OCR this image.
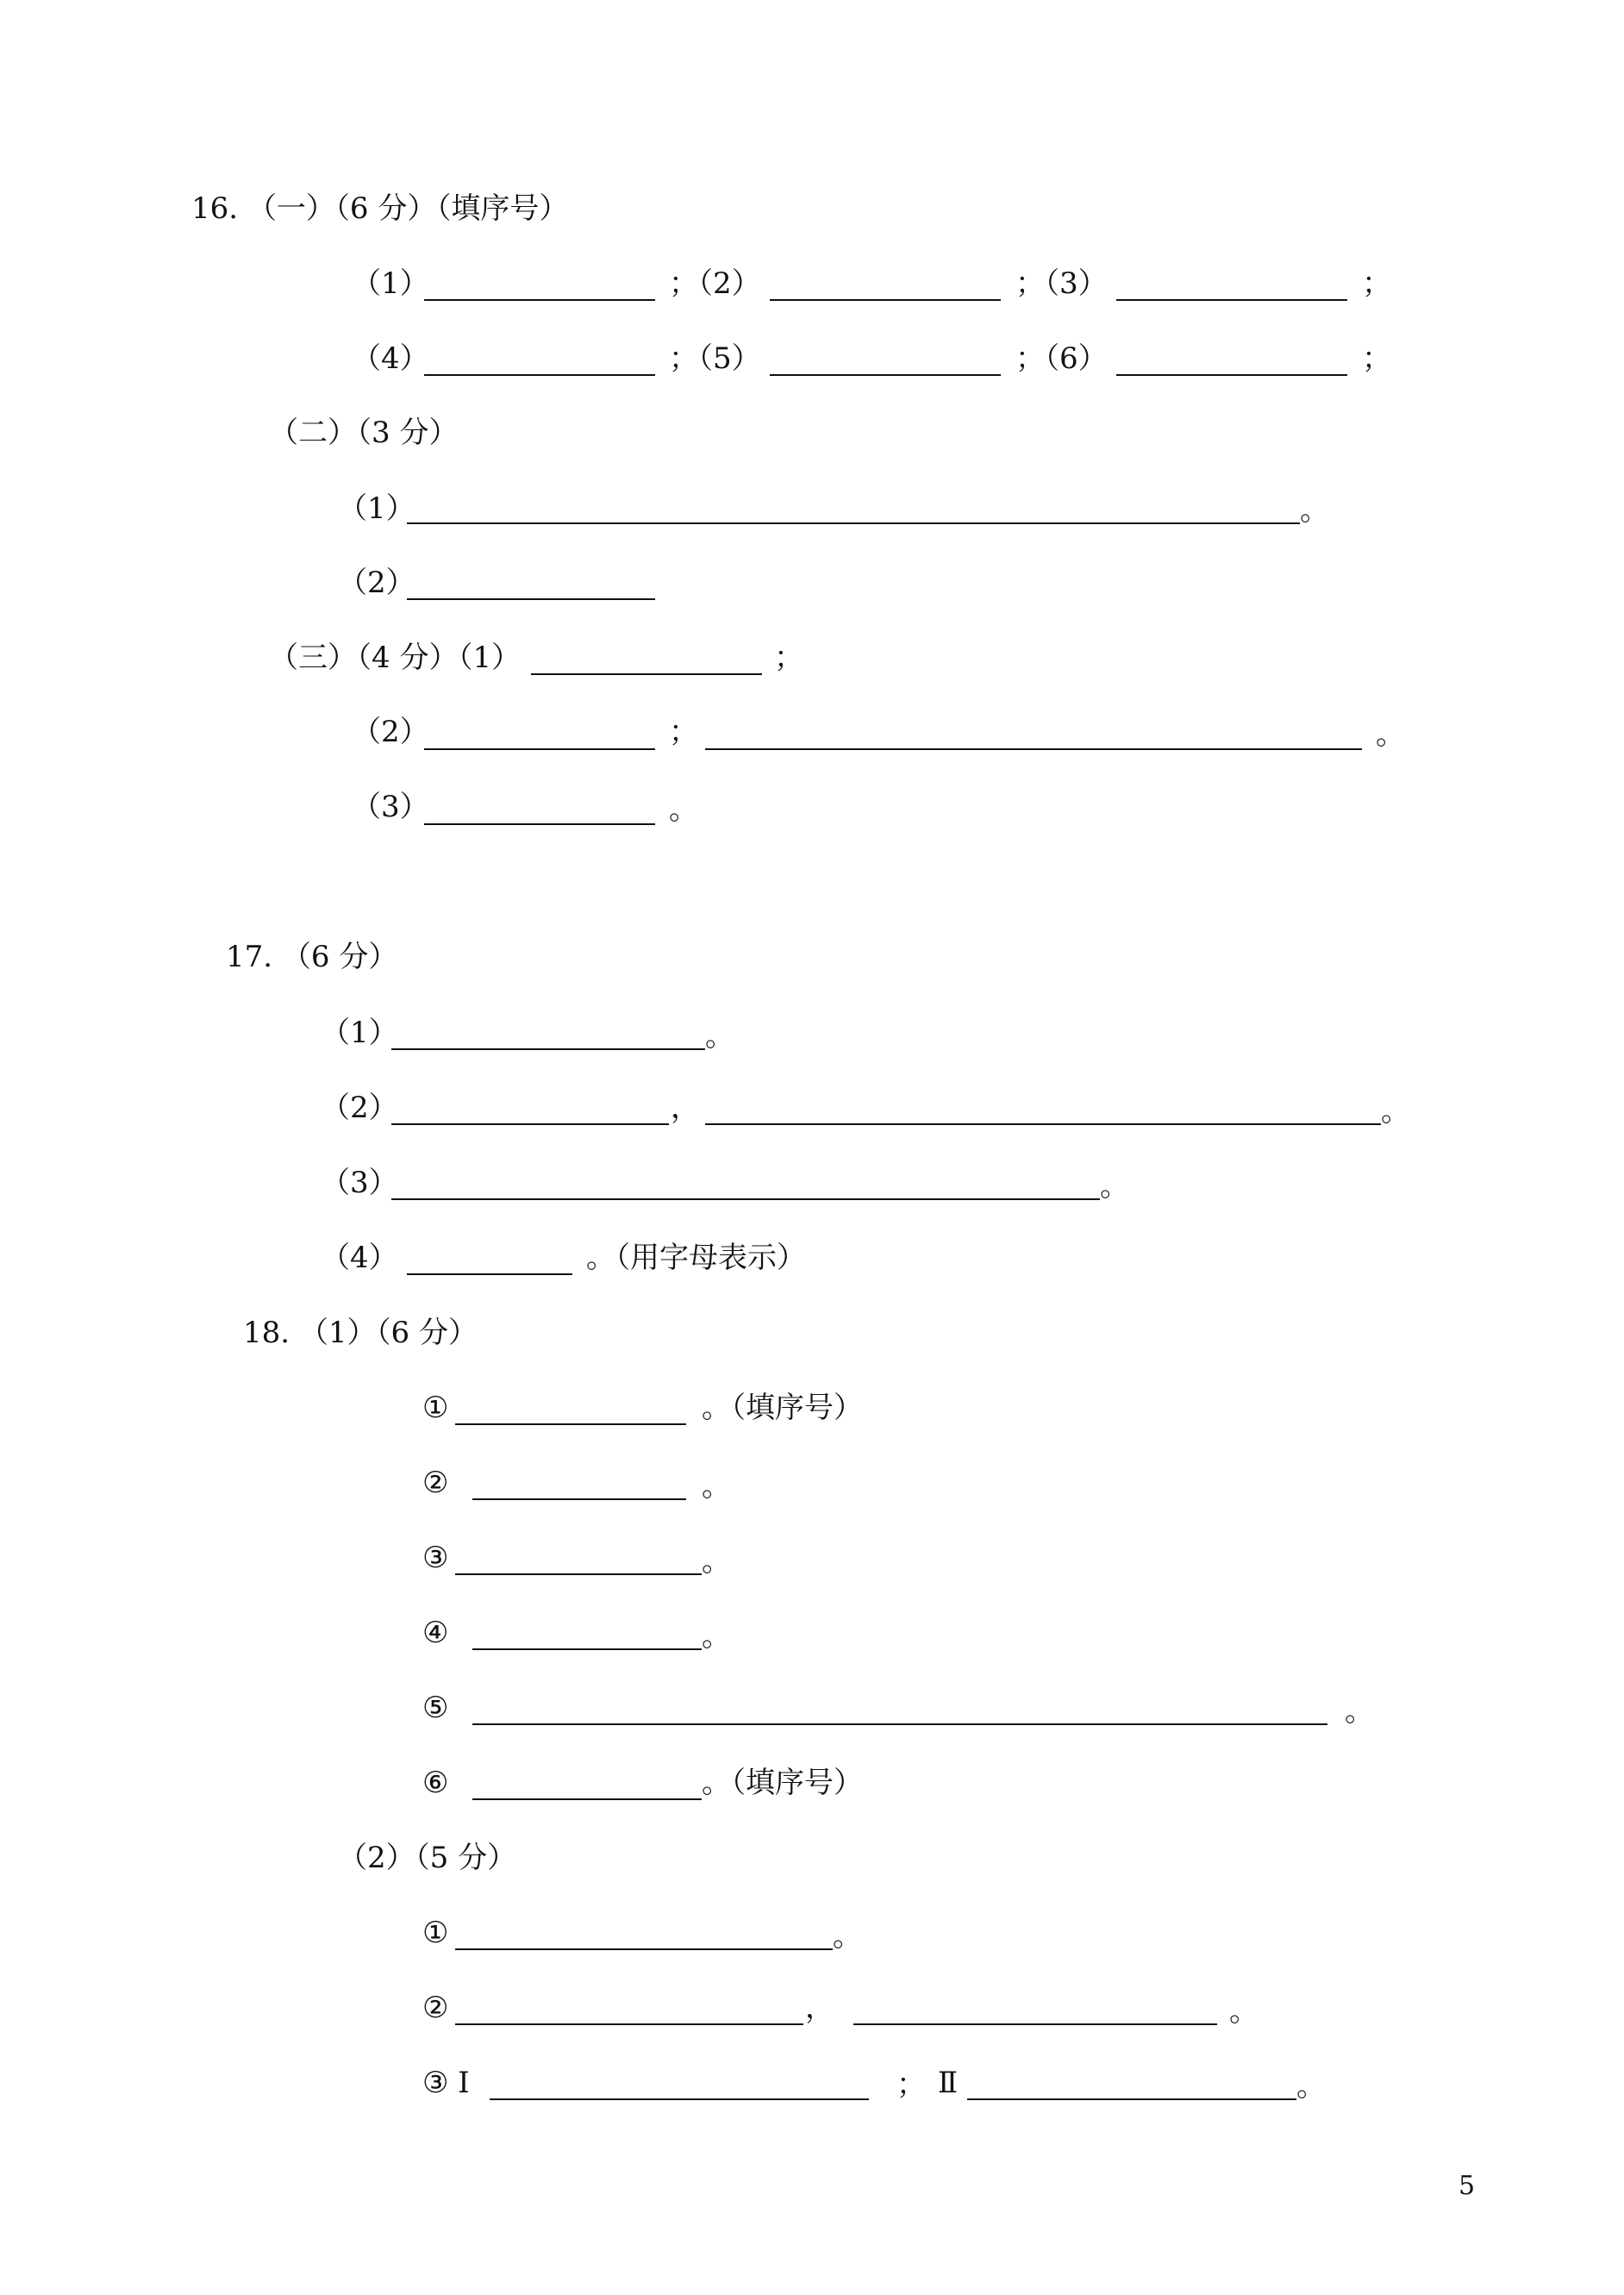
16. （一）（6 分）（填序号）
（1）	；（2）	；（3）	；
（4）	；（5）	；（6）	；
（二）（3 分）
（1）	。
（2）
（三）（4 分）（1）	；
（2）	；	。
（3）	。
17. （6 分）
（1）	。
（2）	，	。
（3）	。
（4）	。（用字母表示）
18. （1）（6 分）
①	。（填序号）
②	。
③	。
④	。
⑤	。
⑥	。（填序号）
（2）（5 分）
①	。
②	，	。
③ Ⅰ	； Ⅱ	。
5
